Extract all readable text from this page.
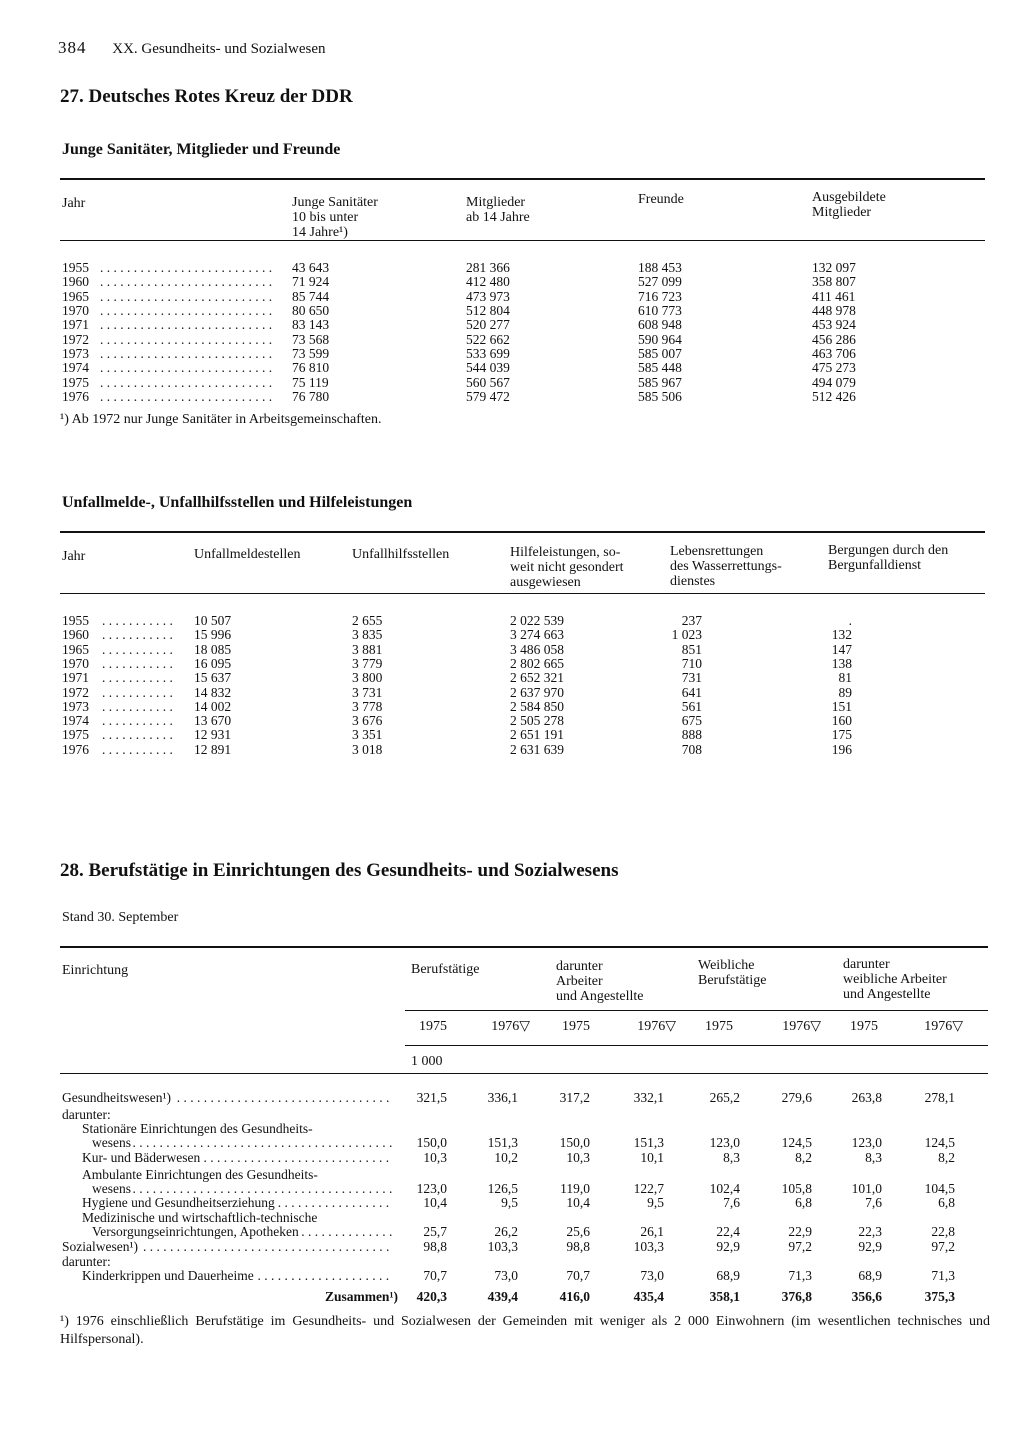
384 XX. Gesundheits- und Sozialwesen
27. Deutsches Rotes Kreuz der DDR
Junge Sanitäter, Mitglieder und Freunde
Jahr	Junge Sanitäter
10 bis unter
14 Jahre¹)
Mitglieder
ab 14 Jahre
Freunde	Ausgebildete
Mitglieder
1955 . . .	43 643	281 366	188 453	132 097
1960 . . .	71 924	412 480	527 099	358 807
1965 . . .	85 744	473 973	716 723	411 461
1970 . . .	80 650	512 804	610 773	448 978
1971 . . .	83 143	520 277	608 948	453 924
1972 . . .	73 568	522 662	590 964	456 286
1973 . . .	73 599	533 699	585 007	463 706
1974 . . .	76 810	544 039	585 448	475 273
1975 . . .	75 119	560 567	585 967	494 079
1976 . . .	76 780	579 472	585 506	512 426
¹) Ab 1972 nur Junge Sanitäter in Arbeitsgemeinschaften.
Unfallmelde-, Unfallhilfsstellen und Hilfeleistungen
Jahr	Unfallmeldestellen	Unfallhilfsstellen	Hilfeleistungen, so-
weit nicht gesondert
ausgewiesen
Lebensrettungen
des Wasserrettungs-
dienstes
Bergungen durch den
Bergunfalldienst
1955 . . .	10 507	2 655	2 022 539	237	.
1960 . . .	15 996	3 835	3 274 663	1 023	132
1965 . . .	18 085	3 881	3 486 058	851	147
1970 . . .	16 095	3 779	2 802 665	710	138
1971 . . .	15 637	3 800	2 652 321	731	81
1972 . . .	14 832	3 731	2 637 970	641	89
1973 . . .	14 002	3 778	2 584 850	561	151
1974 . . .	13 670	3 676	2 505 278	675	160
1975 . . .	12 931	3 351	2 651 191	888	175
1976 . . .	12 891	3 018	2 631 639	708	196
28. Berufstätige in Einrichtungen des Gesundheits- und Sozialwesens
Stand 30. September
Einrichtung	Berufstätige	darunter
Arbeiter
und Angestellte
Weibliche
Berufstätige
darunter
weibliche Arbeiter
und Angestellte
1975	1976▽	1975	1976▽	1975	1976▽	1975	1976▽
1 000
Gesundheitswesen¹) . . .	321,5	336,1	317,2	332,1	265,2	279,6	263,8	278,1
darunter:
Stationäre Einrichtungen des Gesundheits-
wesens . . .	150,0	151,3	150,0	151,3	123,0	124,5	123,0	124,5
Kur- und Bäderwesen . . .	10,3	10,2	10,3	10,1	8,3	8,2	8,3	8,2
Ambulante Einrichtungen des Gesundheits-
wesens . . .	123,0	126,5	119,0	122,7	102,4	105,8	101,0	104,5
Hygiene und Gesundheitserziehung . . .	10,4	9,5	10,4	9,5	7,6	6,8	7,6	6,8
Medizinische und wirtschaftlich-technische
Versorgungseinrichtungen, Apotheken . . .	25,7	26,2	25,6	26,1	22,4	22,9	22,3	22,8
Sozialwesen¹) . . .	98,8	103,3	98,8	103,3	92,9	97,2	92,9	97,2
darunter:
Kinderkrippen und Dauerheime . . .	70,7	73,0	70,7	73,0	68,9	71,3	68,9	71,3
Zusammen¹)	420,3	439,4	416,0	435,4	358,1	376,8	356,6	375,3
¹) 1976 einschließlich Berufstätige im Gesundheits- und Sozialwesen der Gemeinden mit weniger als 2 000 Einwohnern (im wesentlichen technisches und Hilfspersonal).
